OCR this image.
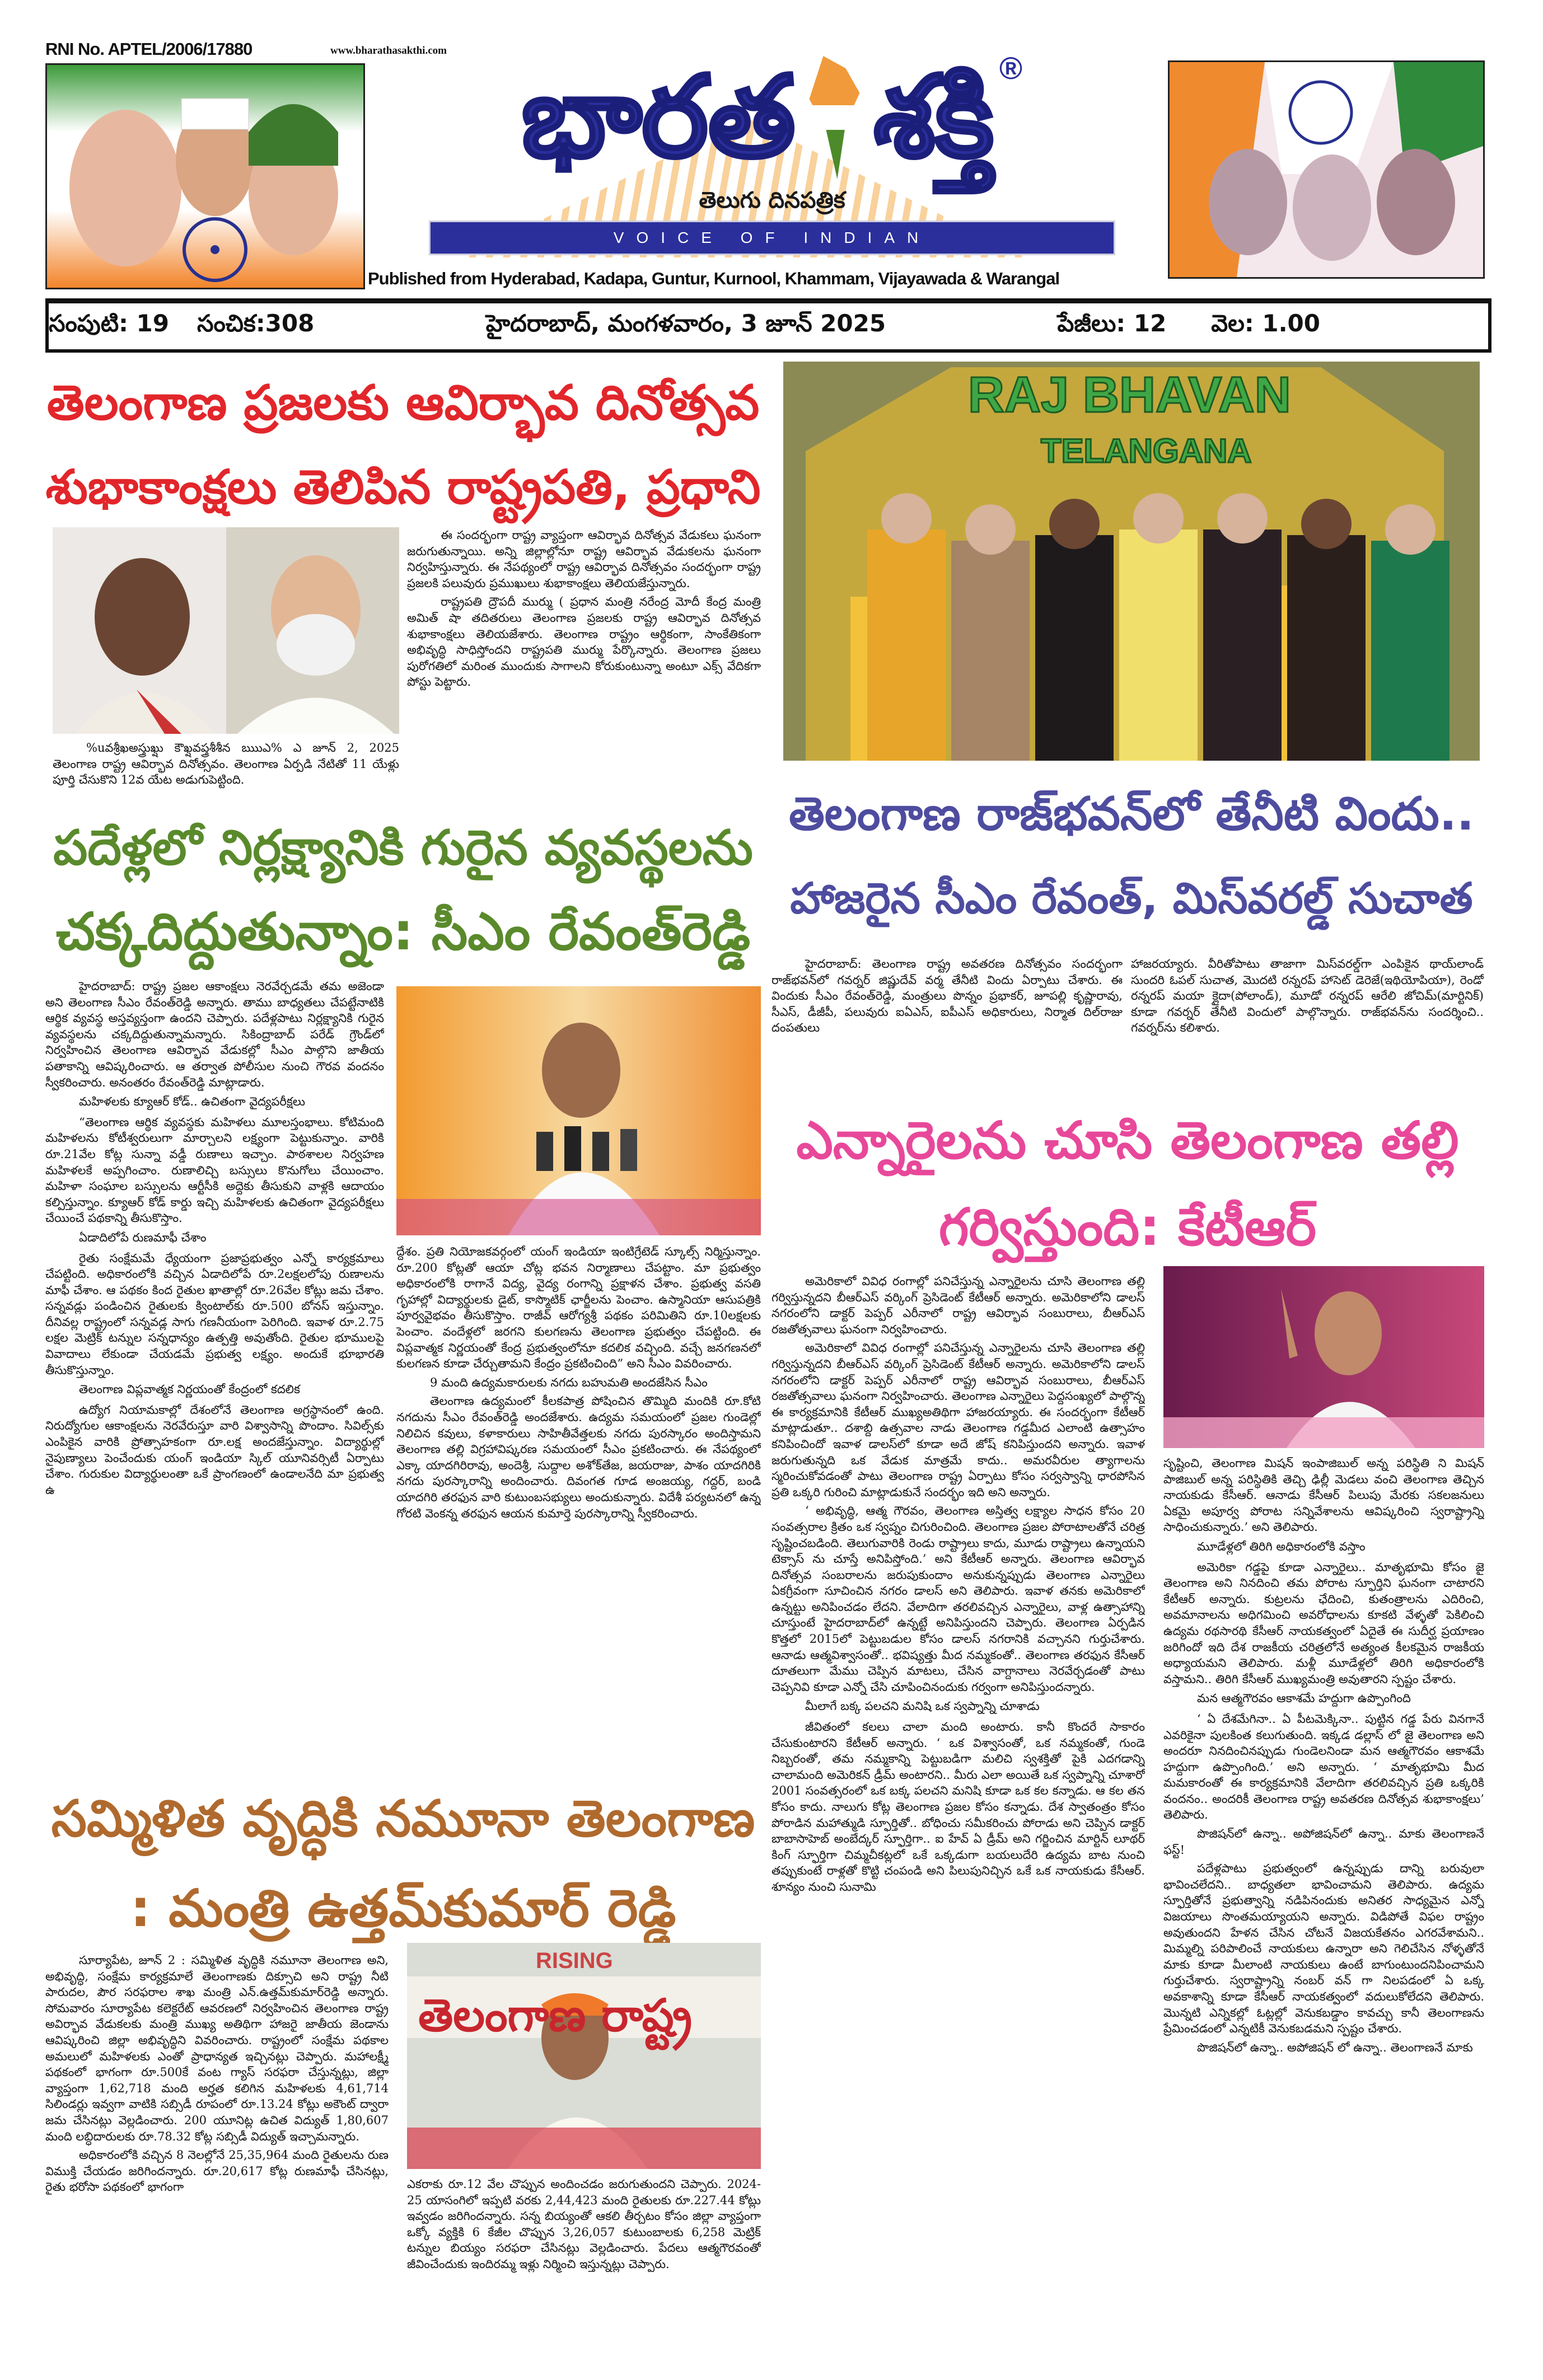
RNI No. APTEL/2006/17880	www.bharathasakthi.com
భారత శక్తి ®
తెలుగు దినపత్రిక
VOICE OF INDIAN
Published from Hyderabad, Kadapa, Guntur, Kurnool, Khammam, Vijayawada & Warangal
సంపుటి: 19 సంచిక:308	హైదరాబాద్, మంగళవారం, 3 జూన్ 2025	పేజీలు: 12 వెల: 1.00
తెలంగాణ ప్రజలకు ఆవిర్భావ దినోత్సవ
శుభాకాంక్షలు తెలిపిన రాష్ట్రపతి, ప్రధాని
%uవశ్రీఖఅస్త్రుఖ్షు కౌఖ్షవప్త్రశీశీన ఋుఎ% ఎ జూన్ 2, 2025 తెలంగాణ రాష్ట్ర ఆవిర్భావ దినోత్సవం. తెలంగాణ ఏర్పడి నేటితో 11 యేళ్లు పూర్తి చేసుకొని 12వ యేట అడుగుపెట్టింది.

ఈ సందర్భంగా రాష్ట్ర వ్యాప్తంగా ఆవిర్భావ దినోత్సవ వేడుకలు ఘనంగా జరుగుతున్నాయి. అన్ని జిల్లాల్లోనూ రాష్ట్ర ఆవిర్భావ వేడుకలను ఘనంగా నిర్వహిస్తున్నారు. ఈ నేపథ్యంలో రాష్ట్ర ఆవిర్భావ దినోత్సవం సందర్భంగా రాష్ట్ర ప్రజలకి పలువురు ప్రముఖులు శుభాకాంక్షలు తెలియజేస్తున్నారు.

రాష్ట్రపతి ద్రౌపదీ ముర్ము ( ప్రధాన మంత్రి నరేంద్ర మోదీ కేంద్ర మంత్రి అమిత్ షా తదితరులు తెలంగాణ ప్రజలకు రాష్ట్ర ఆవిర్భావ దినోత్సవ శుభాకాంక్షలు తెలియజేశారు. తెలంగాణ రాష్ట్రం ఆర్థికంగా, సాంకేతికంగా అభివృద్ధి సాధిస్తోందని రాష్ట్రపతి ముర్ము పేర్కొన్నారు. తెలంగాణ ప్రజలు పురోగతిలో మరింత ముందుకు సాగాలని కోరుకుంటున్నా అంటూ ఎక్స్ వేదికగా పోస్టు పెట్టారు.

పదేళ్లలో నిర్లక్ష్యానికి గురైన వ్యవస్థలను
చక్కదిద్దుతున్నాం: సీఎం రేవంత్‌రెడ్డి

హైదరాబాద్: రాష్ట్ర ప్రజల ఆకాంక్షలు నెరవేర్చడమే తమ అజెండా అని తెలంగాణ సీఎం రేవంత్‌రెడ్డి అన్నారు. తాము బాధ్యతలు చేపట్టేనాటికి ఆర్థిక వ్యవస్థ అస్తవ్యస్తంగా ఉందని చెప్పారు. పదేళ్లపాటు నిర్లక్ష్యానికి గురైన వ్యవస్థలను చక్కదిద్దుతున్నామన్నారు. సికింద్రాబాద్ పరేడ్ గ్రౌండ్‌లో నిర్వహించిన తెలంగాణ ఆవిర్భావ వేడుకల్లో సీఎం పాల్గొని జాతీయ పతాకాన్ని ఆవిష్కరించారు. ఆ తర్వాత పోలీసుల నుంచి గౌరవ వందనం స్వీకరించారు. అనంతరం రేవంత్‌రెడ్డి మాట్లాడారు.

మహిళలకు క్యూఆర్ కోడ్.. ఉచితంగా వైద్యపరీక్షలు

“తెలంగాణ ఆర్థిక వ్యవస్థకు మహిళలు మూలస్తంభాలు. కోటిమంది మహిళలను కోటీశ్వరులుగా మార్చాలని లక్ష్యంగా పెట్టుకున్నాం. వారికి రూ.21వేల కోట్ల సున్నా వడ్డీ రుణాలు ఇచ్చాం. పాఠశాలల నిర్వహణ మహిళలకే అప్పగించాం. రుణాలిచ్చి బస్సులు కొనుగోలు చేయించాం. మహిళా సంఘాల బస్సులను ఆర్టీసీకి అద్దెకు తీసుకుని వాళ్లకి ఆదాయం కల్పిస్తున్నాం. క్యూఆర్ కోడ్ కార్డు ఇచ్చి మహిళలకు ఉచితంగా వైద్యపరీక్షలు చేయించే పథకాన్ని తీసుకొస్తాం.

ఏడాదిలోపే రుణమాఫీ చేశాం

రైతు సంక్షేమమే ధ్యేయంగా ప్రజాప్రభుత్వం ఎన్నో కార్యక్రమాలు చేపట్టింది. అధికారంలోకి వచ్చిన ఏడాదిలోపే రూ.2లక్షలలోపు రుణాలను మాఫీ చేశాం. ఆ పథకం కింద రైతుల ఖాతాల్లో రూ.26వేల కోట్లు జమ చేశాం. సన్నవడ్లు పండించిన రైతులకు క్వింటాల్‌కు రూ.500 బోనస్ ఇస్తున్నాం. దీనివల్ల రాష్ట్రంలో సన్నవడ్ల సాగు గణనీయంగా పెరిగింది. ఇవాళ రూ.2.75 లక్షల మెట్రిక్ టన్నుల సన్నధాన్యం ఉత్పత్తి అవుతోంది. రైతుల భూములపై వివాదాలు లేకుండా చేయడమే ప్రభుత్వ లక్ష్యం. అందుకే భూభారతి తీసుకొస్తున్నాం.

తెలంగాణ విప్లవాత్మక నిర్ణయంతో కేంద్రంలో కదలిక

ఉద్యోగ నియామకాల్లో దేశంలోనే తెలంగాణ అగ్రస్థానంలో ఉంది. నిరుద్యోగుల ఆకాంక్షలను నెరవేరుస్తూ వారి విశ్వాసాన్ని పొందాం. సివిల్స్‌కు ఎంపికైన వారికి ప్రోత్సాహకంగా రూ.లక్ష అందజేస్తున్నాం. విద్యార్థుల్లో నైపుణ్యాలు పెంచేందుకు యంగ్ ఇండియా స్కిల్ యూనివర్సిటీ ఏర్పాటు చేశాం. గురుకుల విద్యార్థులంతా ఒకే ప్రాంగణంలో ఉండాలనేది మా ప్రభుత్వ ఉ

ద్దేశం. ప్రతి నియోజకవర్గంలో యంగ్ ఇండియా ఇంటిగ్రేటెడ్ స్కూల్స్ నిర్మిస్తున్నాం. రూ.200 కోట్లతో ఆయా చోట్ల భవన నిర్మాణాలు చేపట్టాం. మా ప్రభుత్వం అధికారంలోకి రాగానే విద్య, వైద్య రంగాన్ని ప్రక్షాళన చేశాం. ప్రభుత్వ వసతి గృహాల్లో విద్యార్థులకు డైట్, కాస్మొటిక్ ఛార్జీలను పెంచాం. ఉస్మానియా ఆసుపత్రికి పూర్వవైభవం తీసుకొస్తాం. రాజీవ్ ఆరోగ్యశ్రీ పథకం పరిమితిని రూ.10లక్షలకు పెంచాం. వందేళ్లలో జరగని కులగణను తెలంగాణ ప్రభుత్వం చేపట్టింది. ఈ విప్లవాత్మక నిర్ణయంతో కేంద్ర ప్రభుత్వంలోనూ కదలిక వచ్చింది. వచ్చే జనగణనలో కులగణన కూడా చేర్చుతామని కేంద్రం ప్రకటించింది” అని సీఎం వివరించారు.

9 మంది ఉద్యమకారులకు నగదు బహుమతి అందజేసిన సీఎం

తెలంగాణ ఉద్యమంలో కీలకపాత్ర పోషించిన తొమ్మిది మందికి రూ.కోటి నగదును సీఎం రేవంత్‌రెడ్డి అందజేశారు. ఉద్యమ సమయంలో ప్రజల గుండెల్లో నిలిచిన కవులు, కళాకారులు సాహితీవేత్తలకు నగదు పురస్కారం అందిస్తామని తెలంగాణ తల్లి విగ్రహావిష్కరణ సమయంలో సీఎం ప్రకటించారు. ఈ నేపథ్యంలో ఎక్కా యాదగిరిరావు, అందెశ్రీ, సుద్దాల అశోక్‌తేజ, జయరాజు, పాశం యాదగిరికి నగదు పురస్కారాన్ని అందించారు. దివంగత గూడ అంజయ్య, గద్దర్, బండి యాదగిరి తరఫున వారి కుటుంబసభ్యులు అందుకున్నారు. విదేశీ పర్యటనలో ఉన్న గోరటి వెంకన్న తరఫున ఆయన కుమార్తె పురస్కారాన్ని స్వీకరించారు.

సమ్మిళిత వృద్ధికి నమూనా తెలంగాణ
: మంత్రి ఉత్తమ్‌కుమార్ రెడ్డి

సూర్యాపేట, జూన్ 2 : సమ్మిళిత వృద్ధికి నమూనా తెలంగాణ అని, అభివృద్ధి, సంక్షేమ కార్యక్రమాలే తెలంగాణకు దిక్సూచి అని రాష్ట్ర నీటి పారుదల, పౌర సరఫరాల శాఖ మంత్రి ఎన్.ఉత్తమ్‌కుమార్‌రెడ్డి అన్నారు. సోమవారం సూర్యాపేట కలెక్టరేట్ ఆవరణలో నిర్వహించిన తెలంగాణ రాష్ట్ర అవిర్భావ వేడుకలకు మంత్రి ముఖ్య అతిథిగా హాజరై జాతీయ జెండాను ఆవిష్కరించి జిల్లా అభివృద్ధిని వివరించారు. రాష్ట్రంలో సంక్షేమ పథకాల అమలులో మహిళలకు ఎంతో ప్రాధాన్యత ఇచ్చినట్లు చెప్పారు. మహాలక్ష్మీ పథకంలో భాగంగా రూ.500కే వంట గ్యాస్ సరఫరా చేస్తున్నట్లు, జిల్లా వ్యాప్తంగా 1,62,718 మంది అర్హత కలిగిన మహిళలకు 4,61,714 సిలిండర్లు ఇవ్వగా వాటికి సబ్సిడీ రూపంలో రూ.13.24 కోట్లు అకౌంట్ ద్వారా జమ చేసినట్లు వెల్లడించారు. 200 యూనిట్ల ఉచిత విద్యుత్ 1,80,607 మంది లబ్ధిదారులకు రూ.78.32 కోట్ల సబ్సిడీ విద్యుత్ ఇచ్చామన్నారు.

అధికారంలోకి వచ్చిన 8 నెలల్లోనే 25,35,964 మంది రైతులను రుణ విముక్తి చేయడం జరిగిందన్నారు. రూ.20,617 కోట్ల రుణమాఫీ చేసినట్లు, రైతు భరోసా పథకంలో భాగంగా

RISING
తెలంగాణ రాష్ట్ర

ఎకరాకు రూ.12 వేల చొప్పున అందించడం జరుగుతుందని చెప్పారు. 2024-25 యాసంగిలో ఇప్పటి వరకు 2,44,423 మంది రైతులకు రూ.227.44 కోట్లు ఇవ్వడం జరిగిందన్నారు. సన్న బియ్యంతో ఆకలి తీర్చటం కోసం జిల్లా వ్యాప్తంగా ఒక్కో వ్యక్తికి 6 కేజీల చొప్పున 3,26,057 కుటుంబాలకు 6,258 మెట్రిక్ టన్నుల బియ్యం సరఫరా చేసినట్లు వెల్లడించారు. పేదలు ఆత్మగౌరవంతో జీవించేందుకు ఇందిరమ్మ ఇళ్లు నిర్మించి ఇస్తున్నట్లు చెప్పారు.

RAJ BHAVAN
TELANGANA
తెలంగాణ రాజ్‌భవన్‌లో తేనీటి విందు..
హాజరైన సీఎం రేవంత్, మిస్‌వరల్డ్ సుచాత

హైదరాబాద్: తెలంగాణ రాష్ట్ర అవతరణ దినోత్సవం సందర్భంగా రాజ్‌భవన్‌లో గవర్నర్ జిష్ణుదేవ్ వర్మ తేనీటి విందు ఏర్పాటు చేశారు. ఈ విందుకు సీఎం రేవంత్‌రెడ్డి, మంత్రులు పొన్నం ప్రభాకర్, జూపల్లి కృష్ణారావు, సీఎస్, డీజీపీ, పలువురు ఐఏఎస్, ఐపీఎస్ అధికారులు, నిర్మాత దిల్‌రాజు దంపతులు

హాజరయ్యారు. వీరితోపాటు తాజాగా మిస్‌వరల్డ్‌గా ఎంపికైన థాయ్‌లాండ్ సుందరి ఓపల్ సుచాత, మొదటి రన్నరప్ హాసెట్ డెరెజే(ఇథియోపియా), రెండో రన్నరప్ మయా క్లైదా(పోలాండ్), మూడో రన్నరప్ ఆరేలి జోచిమ్(మార్టినిక్) కూడా గవర్నర్ తేనీటి విందులో పాల్గొన్నారు. రాజ్‌భవన్‌ను సందర్శించి.. గవర్నర్‌ను కలిశారు.

ఎన్నారైలను చూసి తెలంగాణ తల్లి
గర్విస్తుంది: కేటీఆర్

అమెరికాలో వివిధ రంగాల్లో పనిచేస్తున్న ఎన్నారైలను చూసి తెలంగాణ తల్లి గర్విస్తున్నదని బీఆర్ఎస్ వర్కింగ్ ప్రెసిడెంట్ కేటీఆర్ అన్నారు. అమెరికాలోని డాలస్ నగరంలోని డాక్టర్ పెప్పర్ ఎరీనాలో రాష్ట్ర ఆవిర్భావ సంబురాలు, బీఆర్ఎస్ రజతోత్సవాలు ఘనంగా నిర్వహించారు.

అమెరికాలో వివిధ రంగాల్లో పనిచేస్తున్న ఎన్నారైలను చూసి తెలంగాణ తల్లి గర్విస్తున్నదని బీఆర్ఎస్ వర్కింగ్ ప్రెసిడెంట్ కేటీఆర్ అన్నారు. అమెరికాలోని డాలస్ నగరంలోని డాక్టర్ పెప్పర్ ఎరీనాలో రాష్ట్ర ఆవిర్భావ సంబురాలు, బీఆర్ఎస్ రజతోత్సవాలు ఘనంగా నిర్వహించారు. తెలంగాణ ఎన్నారైలు పెద్దసంఖ్యలో పాల్గొన్న ఈ కార్యక్రమానికి కేటీఆర్ ముఖ్యఅతిథిగా హాజరయ్యారు. ఈ సందర్భంగా కేటీఆర్ మాట్లాడుతూ.. దశాబ్ది ఉత్సవాల నాడు తెలంగాణ గడ్డమీద ఎలాంటి ఉత్సాహం కనిపించిందో ఇవాళ డాలస్‌లో కూడా అదే జోష్ కనిపిస్తుందని అన్నారు. ఇవాళ జరుగుతున్నది ఒక వేడుక మాత్రమే కాదు.. అమరవీరుల త్యాగాలను స్మరించుకోవడంతో పాటు తెలంగాణ రాష్ట్ర ఏర్పాటు కోసం సర్వస్వాన్ని ధారపోసిన ప్రతి ఒక్కరి గురించి మాట్లాడుకునే సందర్భం ఇది అని అన్నారు.

‘ అభివృద్ధి, ఆత్మ గౌరవం, తెలంగాణ అస్తిత్వ లక్ష్యాల సాధన కోసం 20 సంవత్సరాల క్రితం ఒక స్వప్నం చిగురించింది. తెలంగాణ ప్రజల పోరాటాలతోనే చరిత్ర సృష్టించబడింది. తెలుగువారికి రెండు రాష్ట్రాలు కాదు, మూడు రాష్ట్రాలు ఉన్నాయని టెక్సాస్ ను చూస్తే అనిపిస్తోంది.’ అని కేటీఆర్ అన్నారు. తెలంగాణ ఆవిర్భావ దినోత్సవ సంబరాలను జరుపుకుందాం అనుకున్నప్పుడు తెలంగాణ ఎన్నారైలు ఏకగ్రీవంగా సూచించిన నగరం డాలస్ అని తెలిపారు. ఇవాళ తనకు అమెరికాలో ఉన్నట్టు అనిపించడం లేదని. వేలాదిగా తరలివచ్చిన ఎన్నారైలు, వాళ్ల ఉత్సాహాన్ని చూస్తుంటే హైదరాబాద్‌లో ఉన్నట్టే అనిపిస్తుందని చెప్పారు. తెలంగాణ ఏర్పడిన కొత్తలో 2015లో పెట్టుబడుల కోసం డాలస్ నగరానికి వచ్చానని గుర్తుచేశారు. ఆనాడు ఆత్మవిశ్వాసంతో.. భవిష్యత్తు మీద నమ్మకంతో.. తెలంగాణ తరఫున కేసీఆర్ దూతలుగా మేము చెప్పిన మాటలు, చేసిన వాగ్దానాలు నెరవేర్చడంతో పాటు చెప్పనివి కూడా ఎన్నో చేసి చూపించినందుకు గర్వంగా అనిపిస్తుందన్నారు.

మీలాగే బక్క పలచని మనిషి ఒక స్వప్నాన్ని చూశాడు

జీవితంలో కలలు చాలా మంది అంటారు. కానీ కొందరే సాకారం చేసుకుంటారని కేటీఆర్ అన్నారు. ‘ ఒక విశ్వాసంతో, ఒక నమ్మకంతో, గుండె నిబ్బరంతో, తమ నమ్మకాన్ని పెట్టుబడిగా మలిచి స్వశక్తితో పైకి ఎదగడాన్ని చాలామంది అమెరికన్ డ్రీమ్ అంటారని.. మీరు ఎలా అయితే ఒక స్వప్నాన్ని చూశారో 2001 సంవత్సరంలో ఒక బక్క పలచని మనిషి కూడా ఒక కల కన్నాడు. ఆ కల తన కోసం కాదు. నాలుగు కోట్ల తెలంగాణ ప్రజల కోసం కన్నాడు. దేశ స్వాతంత్రం కోసం పోరాడిన మహాత్ముడి స్ఫూర్తితో.. బోధించు సమీకరించు పోరాడు అని చెప్పిన డాక్టర్ బాబాసాహెబ్ అంబేద్కర్ స్ఫూర్తిగా.. ఐ హేవ్ ఏ డ్రీమ్ అని గర్జించిన మార్టిన్ లూథర్ కింగ్ స్ఫూర్తిగా చిమ్మచీకట్లలో ఒకే ఒక్కడుగా బయలుదేరి ఉద్యమ బాట నుంచి తప్పుకుంటే రాళ్లతో కొట్టి చంపండి అని పిలుపునిచ్చిన ఒకే ఒక నాయకుడు కేసీఆర్. శూన్యం నుంచి సునామి

సృష్టించి, తెలంగాణ మిషన్ ఇంపాజిబుల్ అన్న పరిస్థితి ని మిషన్ పాజిబుల్ అన్న పరిస్థితికి తెచ్చి ఢిల్లీ మెడలు వంచి తెలంగాణ తెచ్చిన నాయకుడు కేసీఆర్. ఆనాడు కేసీఆర్ పిలుపు మేరకు సకలజనులు ఏకమై అపూర్వ పోరాట సన్నివేశాలను ఆవిష్కరించి స్వరాష్ట్రాన్ని సాధించుకున్నారు.’ అని తెలిపారు.

మూడేళ్లలో తిరిగి అధికారంలోకి వస్తాం

అమెరికా గడ్డపై కూడా ఎన్నారైలు.. మాతృభూమి కోసం జై తెలంగాణ అని నినదించి తమ పోరాట స్ఫూర్తిని ఘనంగా చాటారని కేటీఆర్ అన్నారు. కుట్రలను ఛేదించి, కుతంత్రాలను ఎదిరించి, అవమానాలను అధిగమించి అవరోధాలను కూకటి వేళ్ళతో పెకిలించి ఉద్యమ రథసారథి కేసీఆర్ నాయకత్వంలో ఏదైతే ఈ సుదీర్ఘ ప్రయాణం జరిగిందో ఇది దేశ రాజకీయ చరిత్రలోనే అత్యంత కీలకమైన రాజకీయ అధ్యాయమని తెలిపారు. మళ్లీ మూడేళ్లలో తిరిగి అధికారంలోకి వస్తామని.. తిరిగి కేసీఆర్ ముఖ్యమంత్రి అవుతారని స్పష్టం చేశారు.

మన ఆత్మగౌరవం ఆకాశమే హద్దుగా ఉప్పొంగింది

‘ ఏ దేశమేగినా.. ఏ పీటమెక్కినా.. పుట్టిన గడ్డ పేరు వినగానే ఎవరికైనా పులకింత కలుగుతుంది. ఇక్కడ డల్లాస్ లో జై తెలంగాణ అని అందరూ నినదించినప్పుడు గుండెలనిండా మన ఆత్మగౌరవం ఆకాశమే హద్దుగా ఉప్పొంగింది.’ అని అన్నారు. ‘ మాతృభూమి మీద మమకారంతో ఈ కార్యక్రమానికి వేలాదిగా తరలివచ్చిన ప్రతి ఒక్కరికి వందనం.. అందరికీ తెలంగాణ రాష్ట్ర అవతరణ దినోత్సవ శుభాకాంక్షలు’ తెలిపారు.

పొజిషన్‌లో ఉన్నా.. అపోజిషన్‌లో ఉన్నా.. మాకు తెలంగాణనే ఫస్ట్!

పదేళ్లపాటు ప్రభుత్వంలో ఉన్నప్పుడు దాన్ని బరువులా భావించలేదని.. బాధ్యతలా భావించామని తెలిపారు. ఉద్యమ స్ఫూర్తితోనే ప్రభుత్వాన్ని నడిపినందుకు అనితర సాధ్యమైన ఎన్నో విజయాలు సొంతమయ్యాయని అన్నారు. విడిపోతే విఫల రాష్ట్రం అవుతుందని హేళన చేసిన చోటనే విజయకేతనం ఎగరవేశామని.. మిమ్మల్ని పరిపాలించే నాయకులు ఉన్నారా అని గెలిచేసిన నోళ్ళతోనే మాకు కూడా మీలాంటి నాయకులు ఉంటే బాగుంటుందనిపించామని గుర్తుచేశారు. స్వరాష్ట్రాన్ని నంబర్ వన్ గా నిలపడంలో ఏ ఒక్క అవకాశాన్ని కూడా కేసీఆర్ నాయకత్వంలో వదులుకోలేదని తెలిపారు. మొన్నటి ఎన్నికల్లో ఓట్లల్లో వెనుకబడ్డాం కావచ్చు కానీ తెలంగాణను ప్రేమించడంలో ఎన్నటికీ వెనుకబడమని స్పష్టం చేశారు.

పొజిషన్‌లో ఉన్నా.. అపోజిషన్ లో ఉన్నా.. తెలంగాణనే మాకు
